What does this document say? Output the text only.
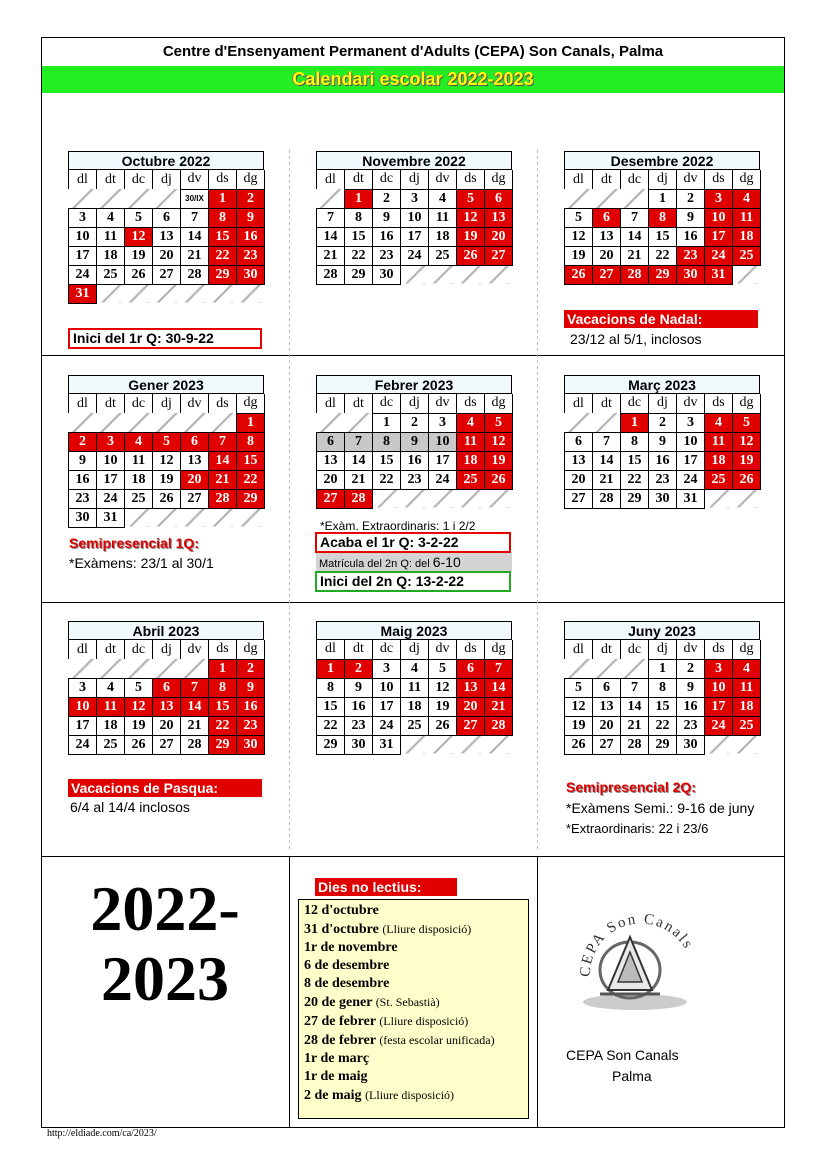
Centre d'Ensenyament Permanent d'Adults (CEPA) Son Canals, Palma
Calendari escolar 2022-2023
Octubre 2022
dl	dt	dc	dj	dv	ds	dg
				30/IX	1	2
3	4	5	6	7	8	9
10	11	12	13	14	15	16
17	18	19	20	21	22	23
24	25	26	27	28	29	30
31						
Novembre 2022
dl	dt	dc	dj	dv	ds	dg
	1	2	3	4	5	6
7	8	9	10	11	12	13
14	15	16	17	18	19	20
21	22	23	24	25	26	27
28	29	30				
Desembre 2022
dl	dt	dc	dj	dv	ds	dg
			1	2	3	4
5	6	7	8	9	10	11
12	13	14	15	16	17	18
19	20	21	22	23	24	25
26	27	28	29	30	31	
Gener 2023
dl	dt	dc	dj	dv	ds	dg
						1
2	3	4	5	6	7	8
9	10	11	12	13	14	15
16	17	18	19	20	21	22
23	24	25	26	27	28	29
30	31					
Febrer 2023
dl	dt	dc	dj	dv	ds	dg
		1	2	3	4	5
6	7	8	9	10	11	12
13	14	15	16	17	18	19
20	21	22	23	24	25	26
27	28					
Març 2023
dl	dt	dc	dj	dv	ds	dg
		1	2	3	4	5
6	7	8	9	10	11	12
13	14	15	16	17	18	19
20	21	22	23	24	25	26
27	28	29	30	31		
Abril 2023
dl	dt	dc	dj	dv	ds	dg
					1	2
3	4	5	6	7	8	9
10	11	12	13	14	15	16
17	18	19	20	21	22	23
24	25	26	27	28	29	30
Maig 2023
dl	dt	dc	dj	dv	ds	dg
1	2	3	4	5	6	7
8	9	10	11	12	13	14
15	16	17	18	19	20	21
22	23	24	25	26	27	28
29	30	31				
Juny 2023
dl	dt	dc	dj	dv	ds	dg
			1	2	3	4
5	6	7	8	9	10	11
12	13	14	15	16	17	18
19	20	21	22	23	24	25
26	27	28	29	30		
Inici del 1r Q: 30-9-22
Vacacions de Nadal:
23/12 al 5/1, inclosos
Semipresencial 1Q:
*Exàmens: 23/1 al 30/1
*Exàm. Extraordinaris: 1 i 2/2
Acaba el 1r Q: 3-2-22
Matrícula del 2n Q: del 6-10
Inici del 2n Q: 13-2-22
Vacacions de Pasqua:
6/4 al 14/4 inclosos
Semipresencial 2Q:
*Exàmens Semi.: 9-16 de juny
*Extraordinaris: 22 i 23/6
2022-
2023
Dies no lectius:
12 d'octubre
31 d'octubre (Lliure disposició)
1r de novembre
6 de desembre
8 de desembre
20 de gener (St. Sebastià)
27 de febrer (Lliure disposició)
28 de febrer (festa escolar unificada)
1r de març
1r de maig
2 de maig (Lliure disposició)
CEPA Son Canals
CEPA Son Canals
Palma
http://eldiade.com/ca/2023/
